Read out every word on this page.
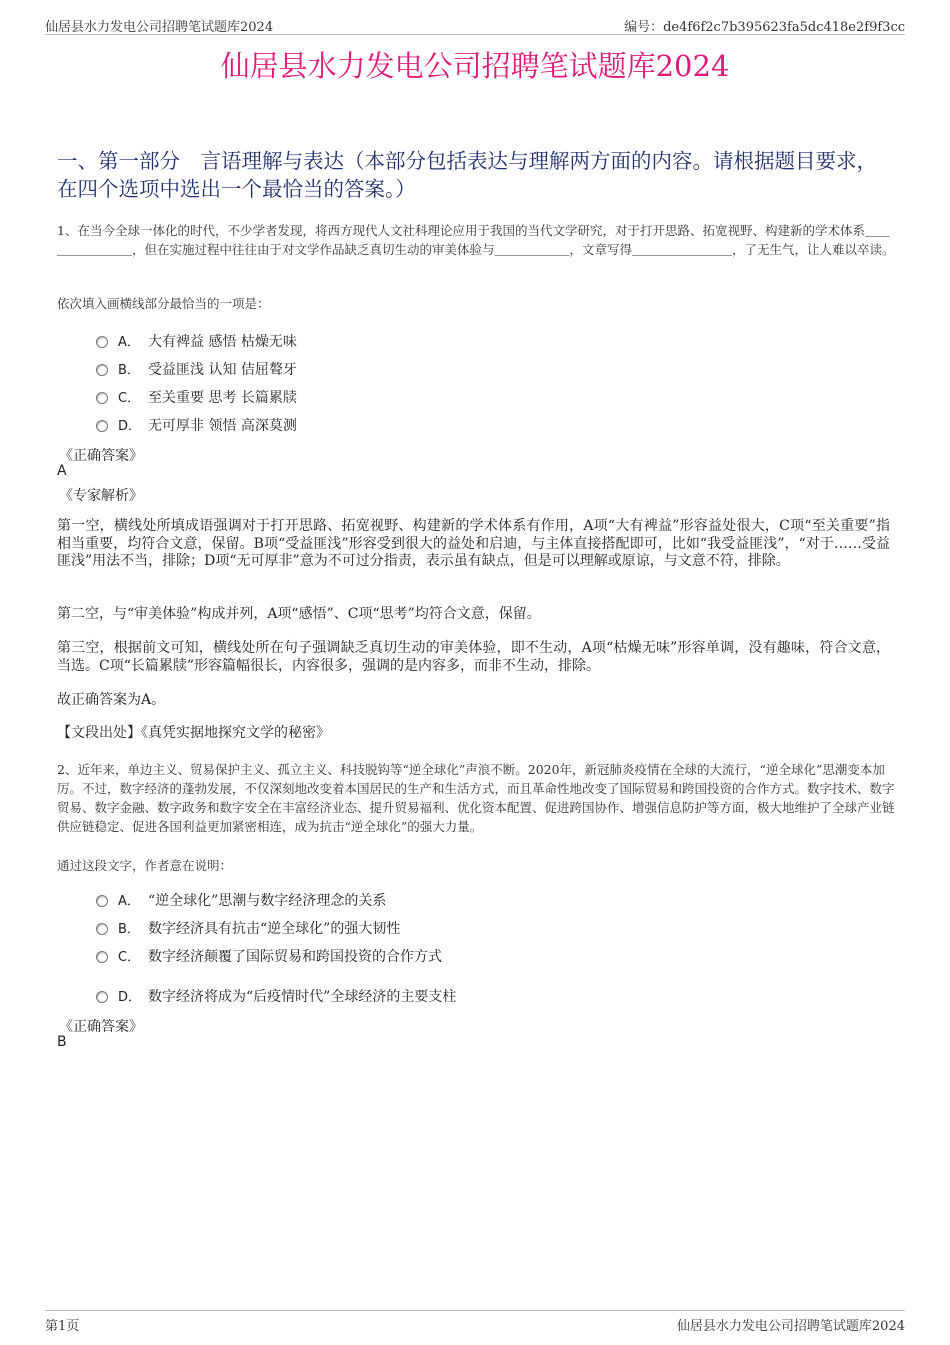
仙居县水力发电公司招聘笔试题库2024	编号：de4f6f2c7b395623fa5dc418e2f9f3cc
仙居县水力发电公司招聘笔试题库2024
一、第一部分　言语理解与表达（本部分包括表达与理解两方面的内容。请根据题目要求，在四个选项中选出一个最恰当的答案。）
1、在当今全球一体化的时代，不少学者发现，将西方现代人文社科理论应用于我国的当代文学研究，对于打开思路、拓宽视野、构建新的学术体系＿＿＿＿＿＿＿＿，但在实施过程中往往由于对文学作品缺乏真切生动的审美体验与＿＿＿＿＿＿，文章写得＿＿＿＿＿＿＿＿，了无生气，让人难以卒读。
依次填入画横线部分最恰当的一项是：
A． 大有裨益 感悟 枯燥无味
B． 受益匪浅 认知 佶屈聱牙
C． 至关重要 思考 长篇累牍
D． 无可厚非 领悟 高深莫测
《正确答案》
A
《专家解析》
第一空，横线处所填成语强调对于打开思路、拓宽视野、构建新的学术体系有作用，A项“大有裨益”形容益处很大，C项“至关重要”指相当重要，均符合文意，保留。B项“受益匪浅”形容受到很大的益处和启迪，与主体直接搭配即可，比如“我受益匪浅”，“对于……受益匪浅”用法不当，排除；D项“无可厚非”意为不可过分指责，表示虽有缺点，但是可以理解或原谅，与文意不符，排除。
第二空，与“审美体验”构成并列，A项“感悟”、C项“思考”均符合文意，保留。
第三空，根据前文可知，横线处所在句子强调缺乏真切生动的审美体验，即不生动，A项“枯燥无味”形容单调，没有趣味，符合文意，当选。C项“长篇累牍”形容篇幅很长，内容很多，强调的是内容多，而非不生动，排除。
故正确答案为A。
【文段出处】《真凭实据地探究文学的秘密》
2、近年来，单边主义、贸易保护主义、孤立主义、科技脱钩等“逆全球化”声浪不断。2020年，新冠肺炎疫情在全球的大流行，“逆全球化”思潮变本加厉。不过，数字经济的蓬勃发展，不仅深刻地改变着本国居民的生产和生活方式，而且革命性地改变了国际贸易和跨国投资的合作方式。数字技术、数字贸易、数字金融、数字政务和数字安全在丰富经济业态、提升贸易福利、优化资本配置、促进跨国协作、增强信息防护等方面，极大地维护了全球产业链供应链稳定、促进各国利益更加紧密相连，成为抗击“逆全球化”的强大力量。
通过这段文字，作者意在说明：
A． “逆全球化”思潮与数字经济理念的关系
B． 数字经济具有抗击“逆全球化”的强大韧性
C． 数字经济颠覆了国际贸易和跨国投资的合作方式
D． 数字经济将成为“后疫情时代”全球经济的主要支柱
《正确答案》
B
第1页	仙居县水力发电公司招聘笔试题库2024
